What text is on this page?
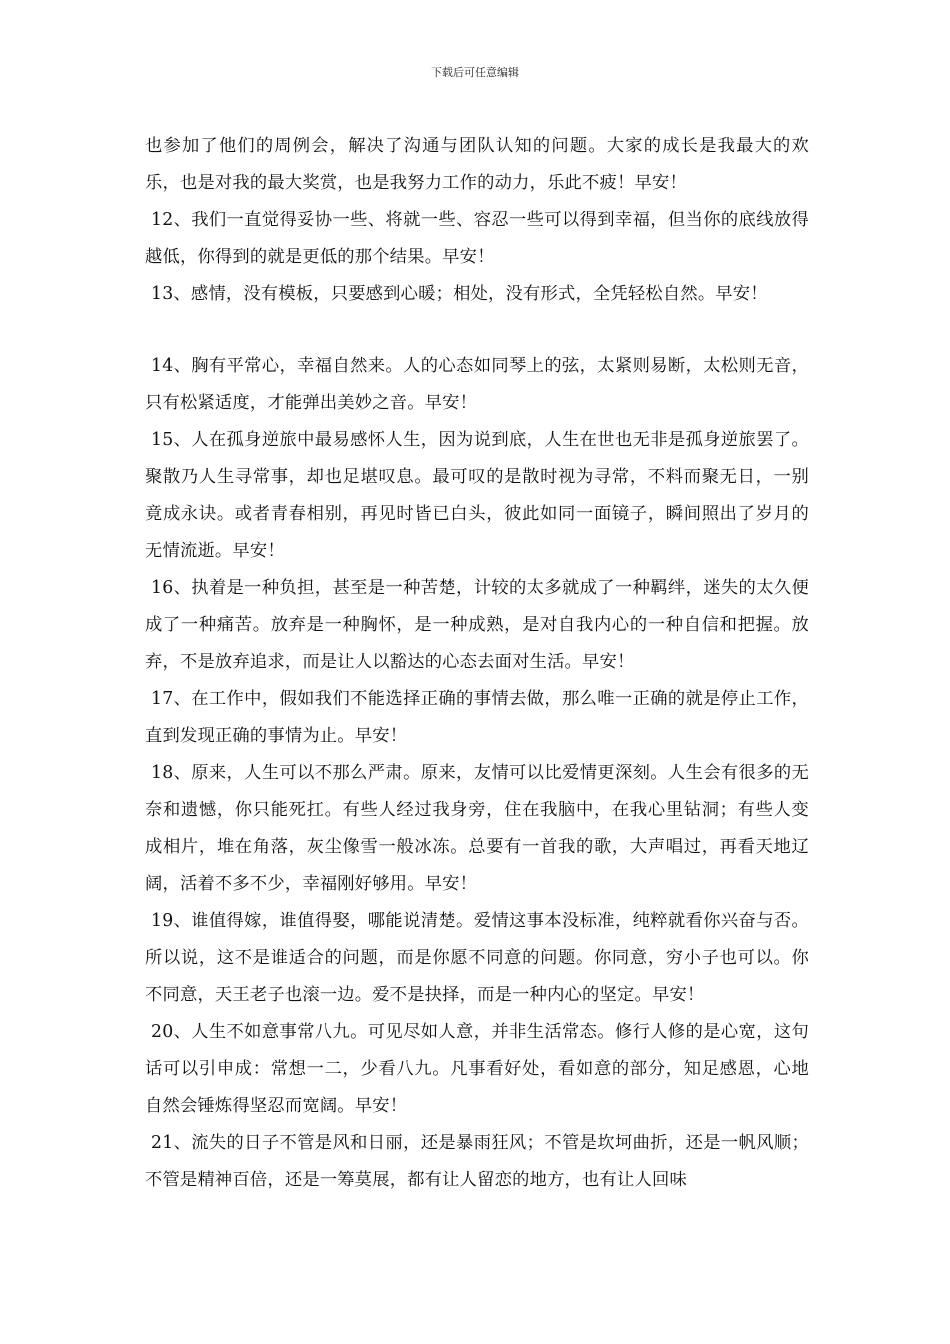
下载后可任意编辑

也参加了他们的周例会，解决了沟通与团队认知的问题。大家的成长是我最大的欢乐，也是对我的最大奖赏，也是我努力工作的动力，乐此不疲！早安！

12、我们一直觉得妥协一些、将就一些、容忍一些可以得到幸福，但当你的底线放得越低，你得到的就是更低的那个结果。早安！

13、感情，没有模板，只要感到心暖；相处，没有形式，全凭轻松自然。早安！

14、胸有平常心，幸福自然来。人的心态如同琴上的弦，太紧则易断，太松则无音，只有松紧适度，才能弹出美妙之音。早安！

15、人在孤身逆旅中最易感怀人生，因为说到底，人生在世也无非是孤身逆旅罢了。聚散乃人生寻常事，却也足堪叹息。最可叹的是散时视为寻常，不料而聚无日，一别竟成永诀。或者青春相别，再见时皆已白头，彼此如同一面镜子，瞬间照出了岁月的无情流逝。早安！

16、执着是一种负担，甚至是一种苦楚，计较的太多就成了一种羁绊，迷失的太久便成了一种痛苦。放弃是一种胸怀，是一种成熟，是对自我内心的一种自信和把握。放弃，不是放弃追求，而是让人以豁达的心态去面对生活。早安！

17、在工作中，假如我们不能选择正确的事情去做，那么唯一正确的就是停止工作，直到发现正确的事情为止。早安！

18、原来，人生可以不那么严肃。原来，友情可以比爱情更深刻。人生会有很多的无奈和遗憾，你只能死扛。有些人经过我身旁，住在我脑中，在我心里钻洞；有些人变成相片，堆在角落，灰尘像雪一般冰冻。总要有一首我的歌，大声唱过，再看天地辽阔，活着不多不少，幸福刚好够用。早安！

19、谁值得嫁，谁值得娶，哪能说清楚。爱情这事本没标准，纯粹就看你兴奋与否。所以说，这不是谁适合的问题，而是你愿不同意的问题。你同意，穷小子也可以。你不同意，天王老子也滚一边。爱不是抉择，而是一种内心的坚定。早安！

20、人生不如意事常八九。可见尽如人意，并非生活常态。修行人修的是心宽，这句话可以引申成：常想一二，少看八九。凡事看好处，看如意的部分，知足感恩，心地自然会锤炼得坚忍而宽阔。早安！

21、流失的日子不管是风和日丽，还是暴雨狂风；不管是坎坷曲折，还是一帆风顺；不管是精神百倍，还是一筹莫展，都有让人留恋的地方，也有让人回味
